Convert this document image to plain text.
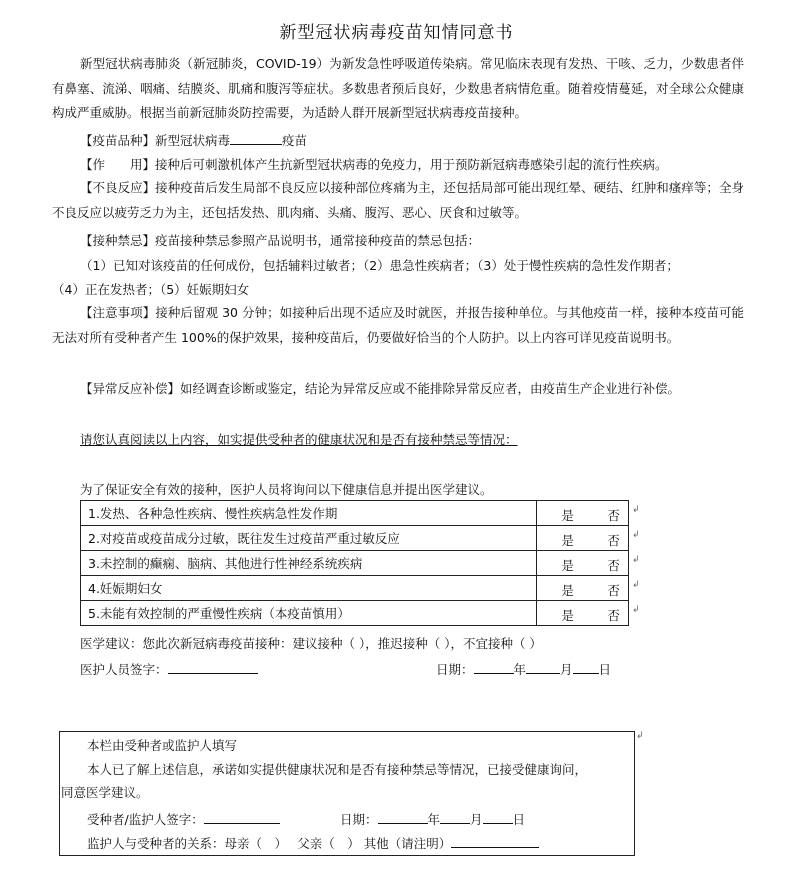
新型冠状病毒疫苗知情同意书
新型冠状病毒肺炎（新冠肺炎，COVID-19）为新发急性呼吸道传染病。常见临床表现有发热、干咳、乏力，少数患者伴有鼻塞、流涕、咽痛、结膜炎、肌痛和腹泻等症状。多数患者预后良好，少数患者病情危重。随着疫情蔓延，对全球公众健康构成严重威胁。根据当前新冠肺炎防控需要，为适龄人群开展新型冠状病毒疫苗接种。
【疫苗品种】新型冠状病毒	疫苗
【作　　用】接种后可刺激机体产生抗新型冠状病毒的免疫力，用于预防新冠病毒感染引起的流行性疾病。
【不良反应】接种疫苗后发生局部不良反应以接种部位疼痛为主，还包括局部可能出现红晕、硬结、红肿和瘙痒等；全身不良反应以疲劳乏力为主，还包括发热、肌肉痛、头痛、腹泻、恶心、厌食和过敏等。
【接种禁忌】疫苗接种禁忌参照产品说明书，通常接种疫苗的禁忌包括：
（1）已知对该疫苗的任何成份，包括辅料过敏者；（2）患急性疾病者；（3）处于慢性疾病的急性发作期者；
（4）正在发热者；（5）妊娠期妇女
【注意事项】接种后留观 30 分钟；如接种后出现不适应及时就医，并报告接种单位。与其他疫苗一样，接种本疫苗可能无法对所有受种者产生 100%的保护效果，接种疫苗后，仍要做好恰当的个人防护。以上内容可详见疫苗说明书。
【异常反应补偿】如经调查诊断或鉴定，结论为异常反应或不能排除异常反应者，由疫苗生产企业进行补偿。
请您认真阅读以上内容，如实提供受种者的健康状况和是否有接种禁忌等情况：
为了保证安全有效的接种，医护人员将询问以下健康信息并提出医学建议。
1.发热、各种急性疾病、慢性疾病急性发作期	是 否

2.对疫苗或疫苗成分过敏，既往发生过疫苗严重过敏反应	是 否

3.未控制的癫痫、脑病、其他进行性神经系统疾病	是 否

4.妊娠期妇女	是 否

5.未能有效控制的严重慢性疾病（本疫苗慎用）	是 否
↲
↲
↲
↲
↲
医学建议：您此次新冠病毒疫苗接种：建议接种（ ），推迟接种（ ），不宜接种（ ）
医护人员签字：	日期：	年	月 日
本栏由受种者或监护人填写
本人已了解上述信息，承诺如实提供健康状况和是否有接种禁忌等情况，已接受健康询问，
同意医学建议。
受种者/监护人签字：	日期：	年 月 日
监护人与受种者的关系：母亲（　）　 父亲（　） 其他（请注明）
↲
